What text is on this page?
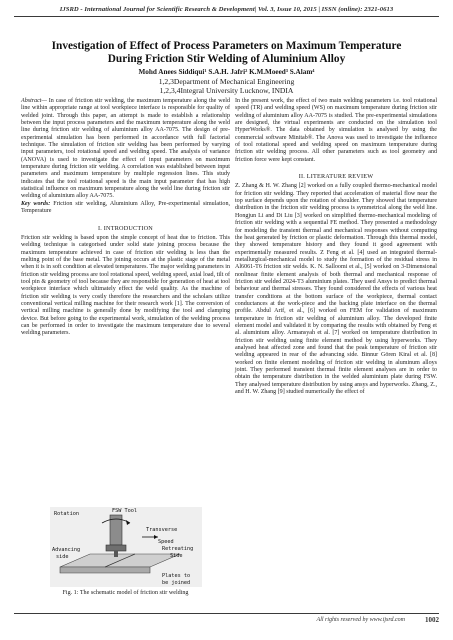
IJSRD - International Journal for Scientific Research & Development| Vol. 3, Issue 10, 2015 | ISSN (online): 2321-0613
Investigation of Effect of Process Parameters on Maximum Temperature
During Friction Stir Welding of Aluminium Alloy
Mohd Anees Siddiqui¹ S.A.H. Jafri² K.M.Moeed³ S.Alam⁴
1,2,3Department of Mechanical Engineering
1,2,3,4Integral University Lucknow, INDIA

Abstract— In case of friction stir welding, the maximum temperature along the weld line within appropriate range at tool workpiece interface is responsible for quality of welded joint. Through this paper, an attempt is made to establish a relationship between the input process parameters and the maximum temperature along the weld line during friction stir welding of aluminium alloy AA-7075. The design of pre-experimental simulation has been performed in accordance with full factorial technique. The simulation of friction stir welding has been performed by varying input parameters, tool rotational speed and welding speed. The analysis of variance (ANOVA) is used to investigate the effect of input parameters on maximum temperature during friction stir welding. A correlation was established between input parameters and maximum temperature by multiple regression lines. This study indicates that the tool rotational speed is the main input parameter that has high statistical influence on maximum temperature along the weld line during friction stir welding of aluminium alloy AA-7075.

Key words: Friction stir welding, Aluminium Alloy, Pre-experimental simulation, Temperature

I. INTRODUCTION

Friction stir welding is based upon the simple concept of heat due to friction. This welding technique is categorised under solid state joining process because the maximum temperature achieved in case of friction stir welding is less than the melting point of the base metal. The joining occurs at the plastic stage of the metal when it is in soft condition at elevated temperatures. The major welding parameters in friction stir welding process are tool rotational speed, welding speed, axial load, tilt of tool pin & geometry of tool because they are responsible for generation of heat at tool workpiece interface which ultimately effect the weld quality. As the machine of friction stir welding is very costly therefore the researchers and the scholars utilize conventional vertical milling machine for their research work [1]. The conversion of vertical milling machine is generally done by modifying the tool and clamping device. But before going to the experimental work, simulation of the welding process can be performed in order to investigate the maximum temperature due to several welding parameters.

Rotation	FSW Tool
Transverse
Speed
Retreating
Side
Advancing
side
Plates to
be joined
Fig. 1: The schematic model of friction stir welding

In the present work, the effect of two main welding parameters i.e. tool rotational speed (TR) and welding speed (WS) on maximum temperature during friction stir welding of aluminium alloy AA-7075 is studied. The pre-experimental simulations are designed, the virtual experiments are conducted on the simulation tool HyperWorks®. The data obtained by simulation is analysed by using the commercial software Minitab®. The Anova was used to investigate the influence of tool rotational speed and welding speed on maximum temperature during friction stir welding process. All other parameters such as tool geometry and friction force were kept constant.

II. LITERATURE REVIEW

Z. Zhang & H. W. Zhang [2] worked on a fully coupled thermo-mechanical model for friction stir welding. They reported that acceleration of material flow near the top surface depends upon the rotation of shoulder. They showed that temperature distribution in the friction stir welding process is symmetrical along the weld line. Hongjun Li and Di Liu [3] worked on simplified thermo-mechanical modeling of friction stir welding with a sequential FE method. They presented a methodology for modeling the transient thermal and mechanical responses without computing the heat generated by friction or plastic deformation. Through this thermal model, they showed temperature history and they found it good agreement with experimentally measured results. Z Feng et al. [4] used an integrated thermal-metallurgical-mechanical model to study the formation of the residual stress in Al6061-T6 friction stir welds. K. N. Salloomi et al., [5] worked on 3-Dimensional nonlinear finite element analysis of both thermal and mechanical response of friction stir welded 2024-T3 aluminium plates. They used Ansys to predict thermal behaviour and thermal stresses. They found considered the effects of various heat transfer conditions at the bottom surface of the workpiece, thermal contact conductances at the work-piece and the backing plate interface on the thermal profile. Abdul Arif, et al., [6] worked on FEM for validation of maximum temperature in friction stir welding of aluminium alloy. The developed finite element model and validated it by comparing the results with obtained by Feng et al. aluminium alloy. Armansyah et al. [7] worked on temperature distribution in friction stir welding using finite element method by using hyperworks. They analysed heat affected zone and found that the peak temperature of friction stir welding appeared in rear of the advancing side. Binnur Gören Kiral et al. [8] worked on finite element modeling of friction stir welding in aluminum alloys joint. They performed transient thermal finite element analyses are in order to obtain the temperature distribution in the welded aluminium plate during FSW. They analysed temperature distribution by using ansys and hyperworks. Zhang, Z., and H. W. Zhang [9] studied numerically the effect of

All rights reserved by www.ijsrd.com	1002
